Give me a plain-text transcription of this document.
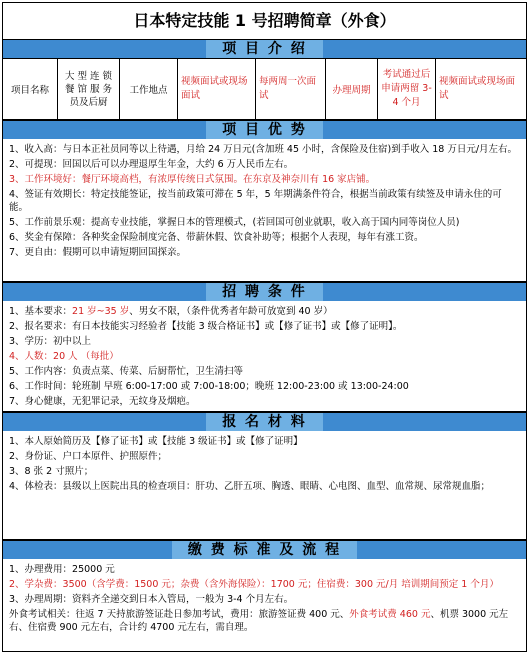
日本特定技能 1 号招聘简章（外食）
项 目 介 绍
项目名称
大 型 连 锁 餐 馆 服 务 员及后厨
工作地点
视频面试或现场面试
每两周一次面试	办理周期
考试通过后申请两留 3-4 个月
视频面试或现场面试
项 目 优 势
1、收入高：与日本正社员同等以上待遇，月给 24 万日元(含加班 45 小时，含保险及住宿)到手收入 18 万日元/月左右。
2、可提现：回国以后可以办理退厚生年金，大约 6 万人民币左右。
3、工作环境好：餐厅环境高档，有浓厚传统日式氛围。在东京及神奈川有 16 家店铺。
4、签证有效期长：特定技能签证，按当前政策可滞在 5 年，5 年期满条件符合，根据当前政策有续签及申请永住的可能。
5、工作前景乐观：提高专业技能，掌握日本的管理模式，(若回国可创业就职，收入高于国内同等岗位人员)
6、奖金有保障：各种奖金保险制度完备、带薪休假、饮食补助等；根据个人表现，每年有涨工资。
7、更自由：假期可以申请短期回国探亲。
招 聘 条 件
1、基本要求：21 岁~35 岁、男女不限，（条件优秀者年龄可放宽到 40 岁）
2、报名要求：有日本技能实习经验者【技能 3 级合格证书】或【修了证书】或【修了证明】。
3、学历：初中以上
4、人数：20 人 （每批）
5、工作内容：负责点菜、传菜、后厨帮忙，卫生清扫等
6、工作时间：轮班制 早班 6:00-17:00 或 7:00-18:00；晚班 12:00-23:00 或 13:00-24:00
7、身心健康，无犯罪记录，无纹身及烟疤。
报 名 材 料
1、本人原始简历及【修了证书】或【技能 3 级证书】或【修了证明】
2、身份证、户口本原件、护照原件；
3、8 张 2 寸照片；
4、体检表：县级以上医院出具的检查项目：肝功、乙肝五项、胸透、眼睛、心电图、血型、血常规、尿常规血脂；
缴 费 标 准 及 流 程
1、办理费用：25000 元
2、学杂费：3500（含学费：1500 元；杂费（含外海保险）：1700 元；住宿费：300 元/月 培训期间预定 1 个月）
3、办理周期：资料齐全递交到日本入管局，一般为 3-4 个月左右。
外食考试相关：往返 7 天持旅游签证赴日参加考试，费用：旅游签证费 400 元、外食考试费 460 元、机票 3000 元左右、住宿费 900 元左右，合计约 4700 元左右，需自理。
